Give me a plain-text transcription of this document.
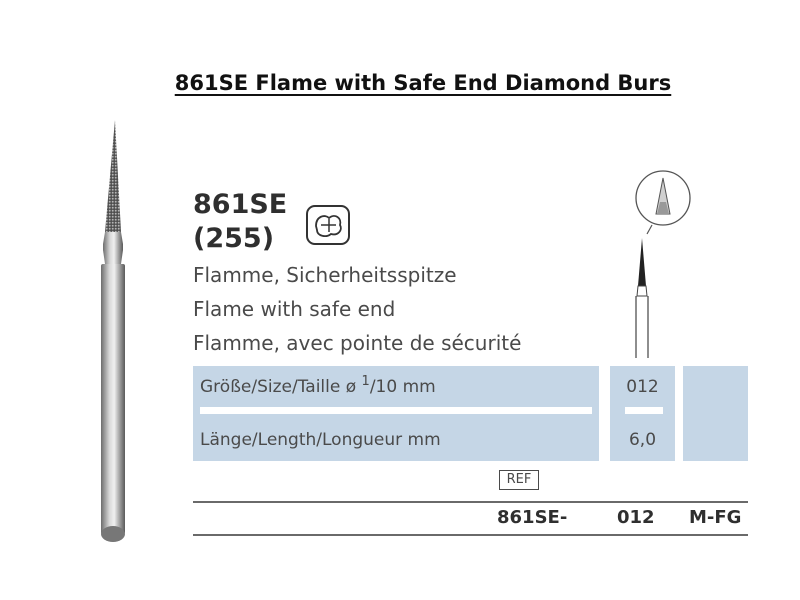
861SE Flame with Safe End Diamond Burs
861SE
(255)
Flamme, Sicherheitsspitze
Flame with safe end
Flamme, avec pointe de sécurité
Größe/Size/Taille ø $^1$/10 mm	012
Länge/Length/Longueur mm	6,0
REF
861SE-	012 M-FG
